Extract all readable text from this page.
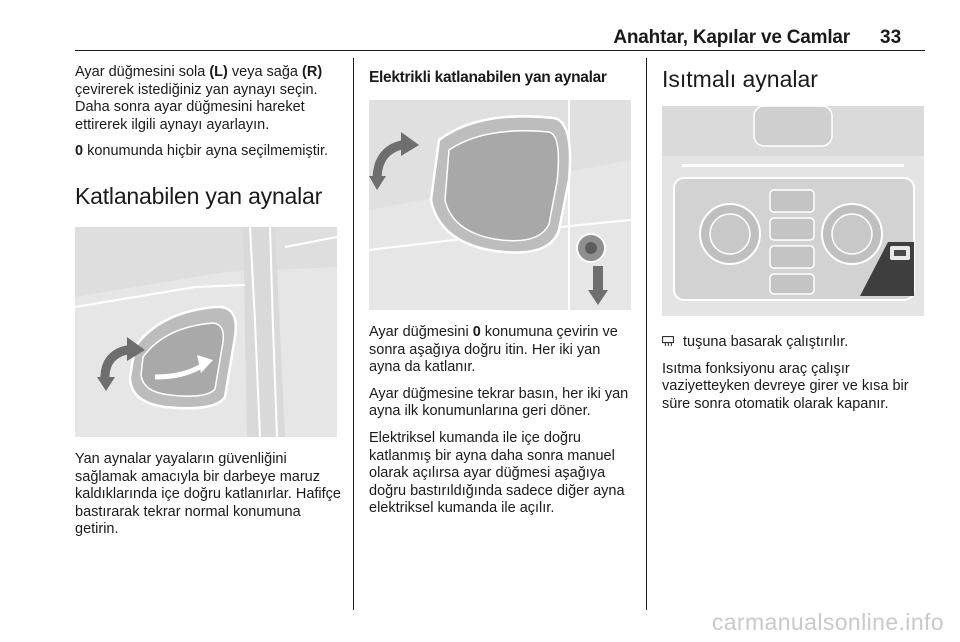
Anahtar, Kapılar ve Camlar 33

Ayar düğmesini sola (L) veya sağa (R) çevirerek istediğiniz yan aynayı seçin. Daha sonra ayar düğmesini hareket ettirerek ilgili aynayı ayarlayın.

0 konumunda hiçbir ayna seçilmemiştir.

Katlanabilen yan aynalar

Yan aynalar yayaların güvenliğini sağlamak amacıyla bir darbeye maruz kaldıklarında içe doğru katlanırlar. Hafifçe bastırarak tekrar normal konumuna getirin.

Elektrikli katlanabilen yan aynalar

Ayar düğmesini 0 konumuna çevirin ve sonra aşağıya doğru itin. Her iki yan ayna da katlanır.

Ayar düğmesine tekrar basın, her iki yan ayna ilk konumunlarına geri döner.

Elektriksel kumanda ile içe doğru katlanmış bir ayna daha sonra manuel olarak açılırsa ayar düğmesi aşağıya doğru bastırıldığında sadece diğer ayna elektriksel kumanda ile açılır.

Isıtmalı aynalar

tuşuna basarak çalıştırılır.

Isıtma fonksiyonu araç çalışır vaziyetteyken devreye girer ve kısa bir süre sonra otomatik olarak kapanır.

carmanualsonline.info
